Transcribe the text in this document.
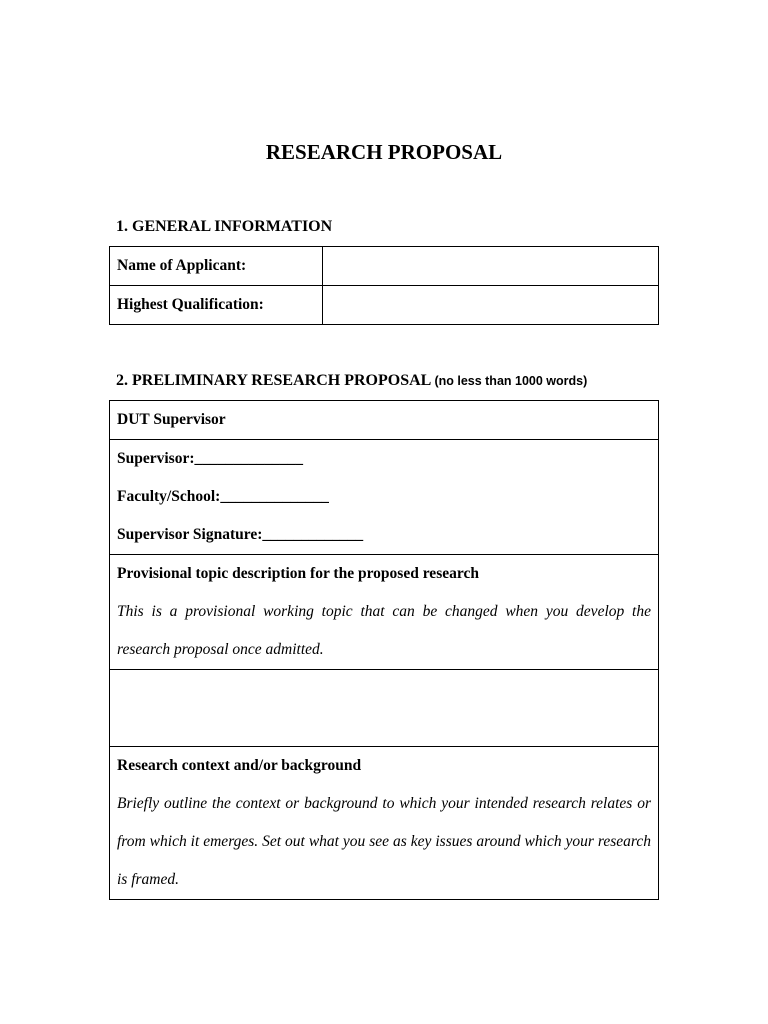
RESEARCH PROPOSAL
1. GENERAL INFORMATION
Name of Applicant:	
Highest Qualification:	
2. PRELIMINARY RESEARCH PROPOSAL (no less than 1000 words)
DUT Supervisor

Supervisor:______________
Faculty/School:______________
Supervisor Signature:_____________

Provisional topic description for the proposed research
This is a provisional working topic that can be changed when you develop the research proposal once admitted.

Research context and/or background
Briefly outline the context or background to which your intended research relates or from which it emerges. Set out what you see as key issues around which your research is framed.
